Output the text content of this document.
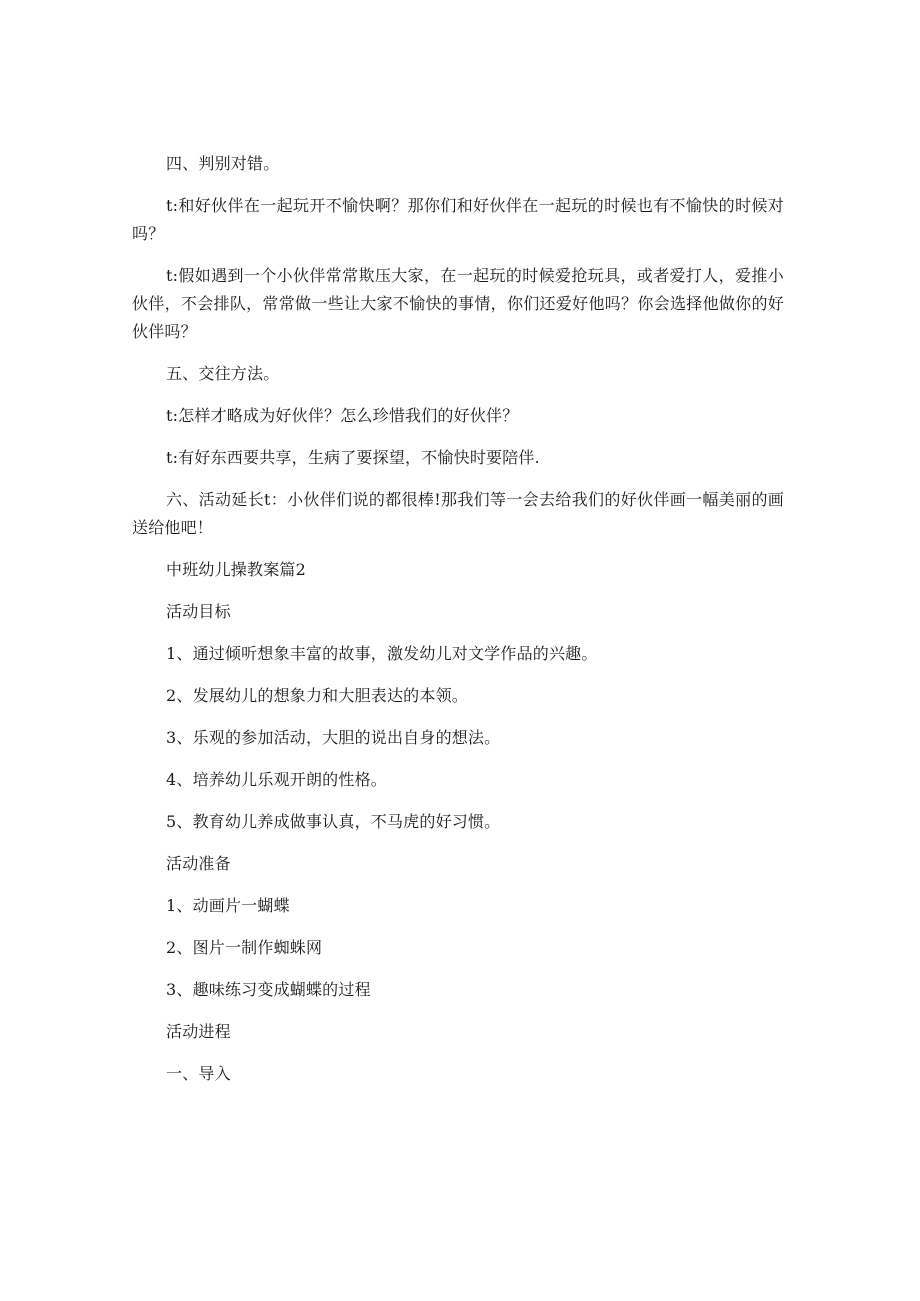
四、判别对错。

t:和好伙伴在一起玩开不愉快啊？那你们和好伙伴在一起玩的时候也有不愉快的时候对吗？

t:假如遇到一个小伙伴常常欺压大家，在一起玩的时候爱抢玩具，或者爱打人，爱推小伙伴，不会排队，常常做一些让大家不愉快的事情，你们还爱好他吗？你会选择他做你的好伙伴吗？

五、交往方法。

t:怎样才略成为好伙伴？怎么珍惜我们的好伙伴？

t:有好东西要共享，生病了要探望，不愉快时要陪伴.

六、活动延长t：小伙伴们说的都很棒!那我们等一会去给我们的好伙伴画一幅美丽的画送给他吧！

中班幼儿操教案篇2

活动目标

1、通过倾听想象丰富的故事，激发幼儿对文学作品的兴趣。

2、发展幼儿的想象力和大胆表达的本领。

3、乐观的参加活动，大胆的说出自身的想法。

4、培养幼儿乐观开朗的性格。

5、教育幼儿养成做事认真，不马虎的好习惯。

活动准备

1、动画片一蝴蝶

2、图片一制作蜘蛛网

3、趣味练习变成蝴蝶的过程

活动进程

一、导入
